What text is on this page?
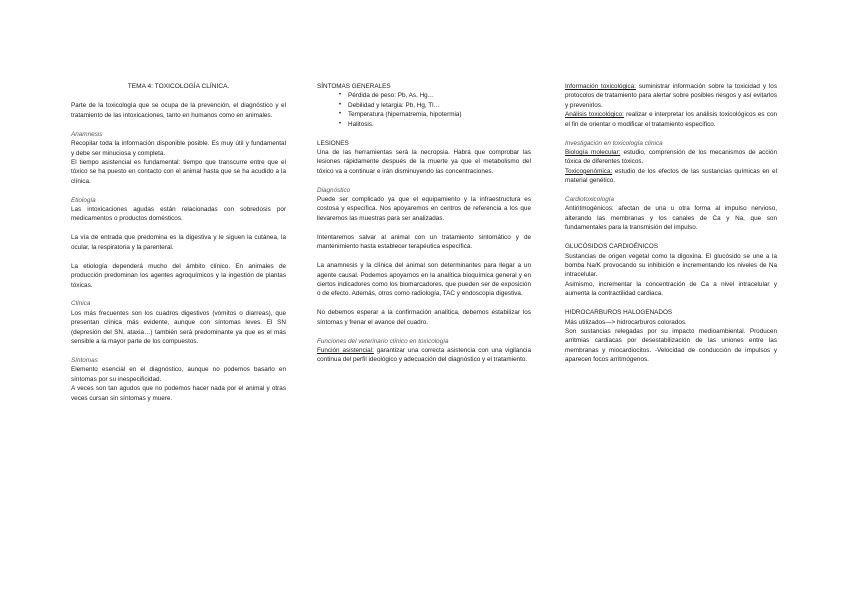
TEMA 4: TOXICOLOGÍA CLÍNICA.

Parte de la toxicología que se ocupa de la prevención, el diagnóstico y el tratamiento de las intoxicaciones, tanto en humanos como en animales.

Anamnesis

Recopilar toda la información disponible posible. Es muy útil y fundamental y debe ser minuciosa y completa.

El tiempo asistencial es fundamental: tiempo que transcurre entre que el tóxico se ha puesto en contacto con el animal hasta que se ha acudido a la clínica.

Etiología

Las intoxicaciones agudas están relacionadas con sobredosis por medicamentos o productos domésticos.

La vía de entrada que predomina es la digestiva y le siguen la cutánea, la ocular, la respiratoria y la parenteral.

La etiología dependerá mucho del ámbito clínico. En animales de producción predominan los agentes agroquímicos y la ingestión de plantas tóxicas.

Clínica

Los más frecuentes son los cuadros digestivos (vómitos o diarreas), que presentan clínica más evidente, aunque con síntomas leves. El SN (depresión del SN, ataxia…) también será predominante ya que es el más sensible a la mayor parte de los compuestos.

Síntomas

Elemento esencial en el diagnóstico, aunque no podemos basarlo en síntomas por su inespecificidad.

A veces son tan agudos que no podemos hacer nada por el animal y otras veces cursan sin síntomas y muere.

SÍNTOMAS GENERALES

• Pérdida de peso: Pb, As, Hg…
• Debilidad y letargia: Pb, Hg, Tl…
• Temperatura (hipernatremia, hipotermia)
• Halitosis.

LESIONES

Una de las herramientas será la necropsia. Habrá que comprobar las lesiones rápidamente después de la muerte ya que el metabolismo del tóxico va a continuar e irán disminuyendo las concentraciones.

Diagnóstico

Puede ser complicado ya que el equipamiento y la infraestructura es costosa y específica. Nos apoyaremos en centros de referencia a los que llevaremos las muestras para ser analizadas.

Intentaremos salvar al animal con un tratamiento sintomático y de mantenimiento hasta establecer terapéutica específica.

La anamnesis y la clínica del animal son determinantes para llegar a un agente causal. Podemos apoyarnos en la analítica bioquímica general y en ciertos indicadores como los biomarcadores, que pueden ser de exposición o de efecto. Además, otros como radiología, TAC y endoscopia digestiva.

No debemos esperar a la confirmación analítica, debemos estabilizar los síntomas y frenar el avance del cuadro.

Funciones del veterinario clínico en toxicología

Función asistencial: garantizar una correcta asistencia con una vigilancia continua del perfil ideológico y adecuación del diagnóstico y el tratamiento.

Información toxicológica: suministrar información sobre la toxicidad y los protocolos de tratamiento para alertar sobre posibles riesgos y así evitarlos y prevenirlos.

Análisis toxicológico: realizar e interpretar los análisis toxicológicos es con el fin de orientar o modificar el tratamiento específico.

Investigación en toxicología clínica

Biología molecular: estudio, comprensión de los mecanismos de acción tóxica de diferentes tóxicos.

Toxicogenómica: estudio de los efectos de las sustancias químicas en el material genético.

Cardiotoxicología

Antiritmogénicos: afectan de una u otra forma al impulso nervioso, alterando las membranas y los canales de Ca y Na, que son fundamentales para la transmisión del impulso.

GLUCÓSIDOS CARDIOÉNICOS

Sustancias de origen vegetal como la digoxina. El glucósido se une a la bomba Na/K provocando su inhibición e incrementando los niveles de Na intracelular.

Asimismo, incrementar la concentración de Ca a nivel intracelular y aumenta la contractilidad cardiaca.

HIDROCARBUROS HALOGENADOS

Más utilizados—> hidrocarburos colorados.

Son sustancias relegadas por su impacto medioambiental. Producen arritmias cardiacas por desestabilización de las uniones entre las membranas y miocardiocitos. -Velocidad de conducción de impulsos y aparecen focos arritmógenos.
